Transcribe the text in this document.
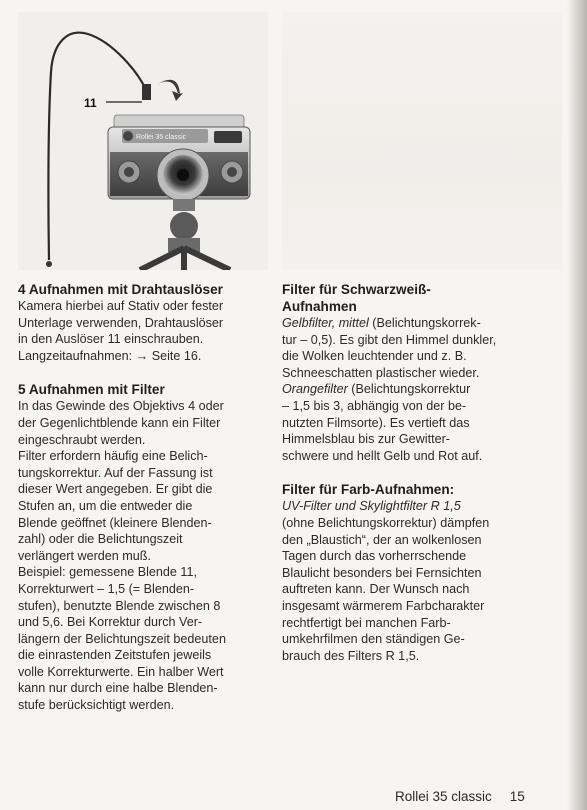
11
Rollei 35 classic
4 Aufnahmen mit Drahtauslöser

Kamera hierbei auf Stativ oder fester

Unterlage verwenden, Drahtauslöser

in den Auslöser 11 einschrauben.

Langzeitaufnahmen: → Seite 16.

5 Aufnahmen mit Filter

In das Gewinde des Objektivs 4 oder

der Gegenlichtblende kann ein Filter

eingeschraubt werden.

Filter erfordern häufig eine Belich-

tungskorrektur. Auf der Fassung ist

dieser Wert angegeben. Er gibt die

Stufen an, um die entweder die

Blende geöffnet (kleinere Blenden-

zahl) oder die Belichtungszeit

verlängert werden muß.

Beispiel: gemessene Blende 11,

Korrekturwert – 1,5 (= Blenden-

stufen), benutzte Blende zwischen 8

und 5,6. Bei Korrektur durch Ver-

längern der Belichtungszeit bedeuten

die einrastenden Zeitstufen jeweils

volle Korrekturwerte. Ein halber Wert

kann nur durch eine halbe Blenden-

stufe berücksichtigt werden.

Filter für Schwarzweiß-
Aufnahmen

Gelbfilter, mittel (Belichtungskorrek-

tur – 0,5). Es gibt den Himmel dunkler,

die Wolken leuchtender und z. B.

Schneeschatten plastischer wieder.

Orangefilter (Belichtungskorrektur

– 1,5 bis 3, abhängig von der be-

nutzten Filmsorte). Es vertieft das

Himmelsblau bis zur Gewitter-

schwere und hellt Gelb und Rot auf.

Filter für Farb-Aufnahmen:

UV-Filter und Skylightfilter R 1,5

(ohne Belichtungskorrektur) dämpfen

den „Blaustich“, der an wolkenlosen

Tagen durch das vorherrschende

Blaulicht besonders bei Fernsichten

auftreten kann. Der Wunsch nach

insgesamt wärmerem Farbcharakter

rechtfertigt bei manchen Farb-

umkehrfilmen den ständigen Ge-

brauch des Filters R 1,5.

Rollei 35 classic 15
